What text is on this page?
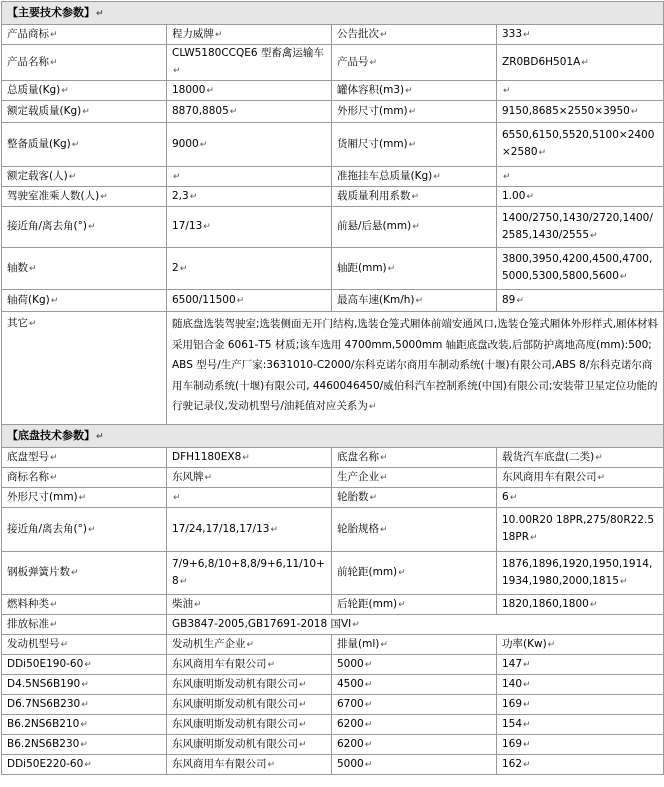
【主要技术参数】↵			
产品商标↵	程力威牌↵	公告批次↵	333↵
产品名称↵	CLW5180CCQE6 型畜禽运输车↵	产品号↵	ZR0BD6H501A↵
总质量(Kg)↵	18000↵	罐体容积(m3)↵	↵
额定载质量(Kg)↵	8870,8805↵	外形尺寸(mm)↵	9150,8685×2550×3950↵
整备质量(Kg)↵	9000↵	货厢尺寸(mm)↵	6550,6150,5520,5100×2400×2580↵
额定载客(人)↵	↵	准拖挂车总质量(Kg)↵	↵
驾驶室准乘人数(人)↵	2,3↵	载质量利用系数↵	1.00↵
接近角/离去角(°)↵	17/13↵	前悬/后悬(mm)↵	1400/2750,1430/2720,1400/2585,1430/2555↵
轴数↵	2↵	轴距(mm)↵	3800,3950,4200,4500,4700,5000,5300,5800,5600↵
轴荷(Kg)↵	6500/11500↵	最高车速(Km/h)↵	89↵
其它↵	随底盘选装驾驶室;选装侧面无开门结构,选装仓笼式厢体前端安通风口,选装仓笼式厢体外形样式,厢体材料采用铝合金 6061-T5 材质;该车选用 4700mm,5000mm 轴距底盘改装,后部防护离地高度(mm):500;ABS 型号/生产厂家:3631010-C2000/东科克诺尔商用车制动系统(十堰)有限公司,ABS 8/东科克诺尔商用车制动系统(十堰)有限公司, 4460046450/威伯科汽车控制系统(中国)有限公司;安装带卫星定位功能的行驶记录仪,发动机型号/油耗值对应关系为↵		
【底盘技术参数】↵			
底盘型号↵	DFH1180EX8↵	底盘名称↵	载货汽车底盘(二类)↵
商标名称↵	东风牌↵	生产企业↵	东风商用车有限公司↵
外形尺寸(mm)↵	↵	轮胎数↵	6↵
接近角/离去角(°)↵	17/24,17/18,17/13↵	轮胎规格↵	10.00R20 18PR,275/80R22.5 18PR↵
钢板弹簧片数↵	7/9+6,8/10+8,8/9+6,11/10+8↵	前轮距(mm)↵	1876,1896,1920,1950,1914,1934,1980,2000,1815↵
燃料种类↵	柴油↵	后轮距(mm)↵	1820,1860,1800↵
排放标准↵	GB3847-2005,GB17691-2018 国VI↵		
发动机型号↵	发动机生产企业↵	排量(ml)↵	功率(Kw)↵
DDi50E190-60↵	东风商用车有限公司↵	5000↵	147↵
D4.5NS6B190↵	东风康明斯发动机有限公司↵	4500↵	140↵
D6.7NS6B230↵	东风康明斯发动机有限公司↵	6700↵	169↵
B6.2NS6B210↵	东风康明斯发动机有限公司↵	6200↵	154↵
B6.2NS6B230↵	东风康明斯发动机有限公司↵	6200↵	169↵
DDi50E220-60↵	东风商用车有限公司↵	5000↵	162↵
